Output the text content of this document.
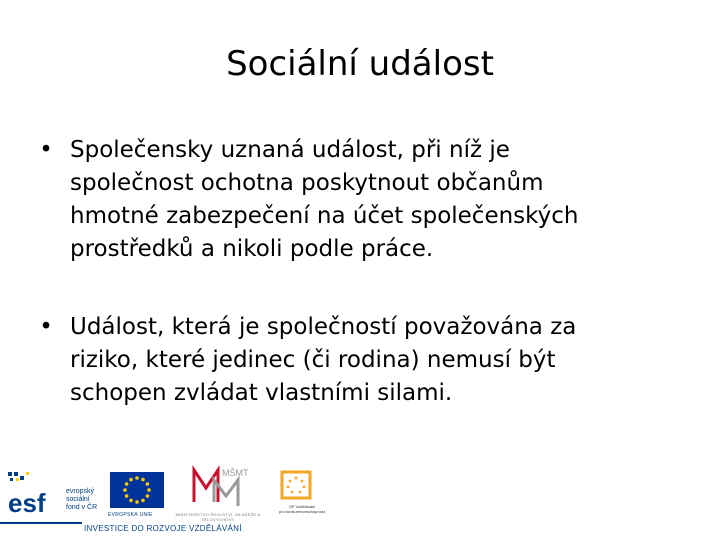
Sociální událost
• Společensky uznaná událost, při níž je
společnost ochotna poskytnout občanům
hmotné zabezpečení na účet společenských
prostředků a nikoli podle práce.
• Událost, která je společností považována za
riziko, které jedinec (či rodina) nemusí být
schopen zvládat vlastními silami.
esf	evropský
sociální
fond v ČR
EVROPSKÁ UNIE
MŠMT
MINISTERSTVO ŠKOLSTVÍ, MLÁDEŽE A TĚLOVÝCHOVY
OP Vzdělávání
pro konkurenceschopnost
INVESTICE DO ROZVOJE VZDĚLÁVÁNÍ
